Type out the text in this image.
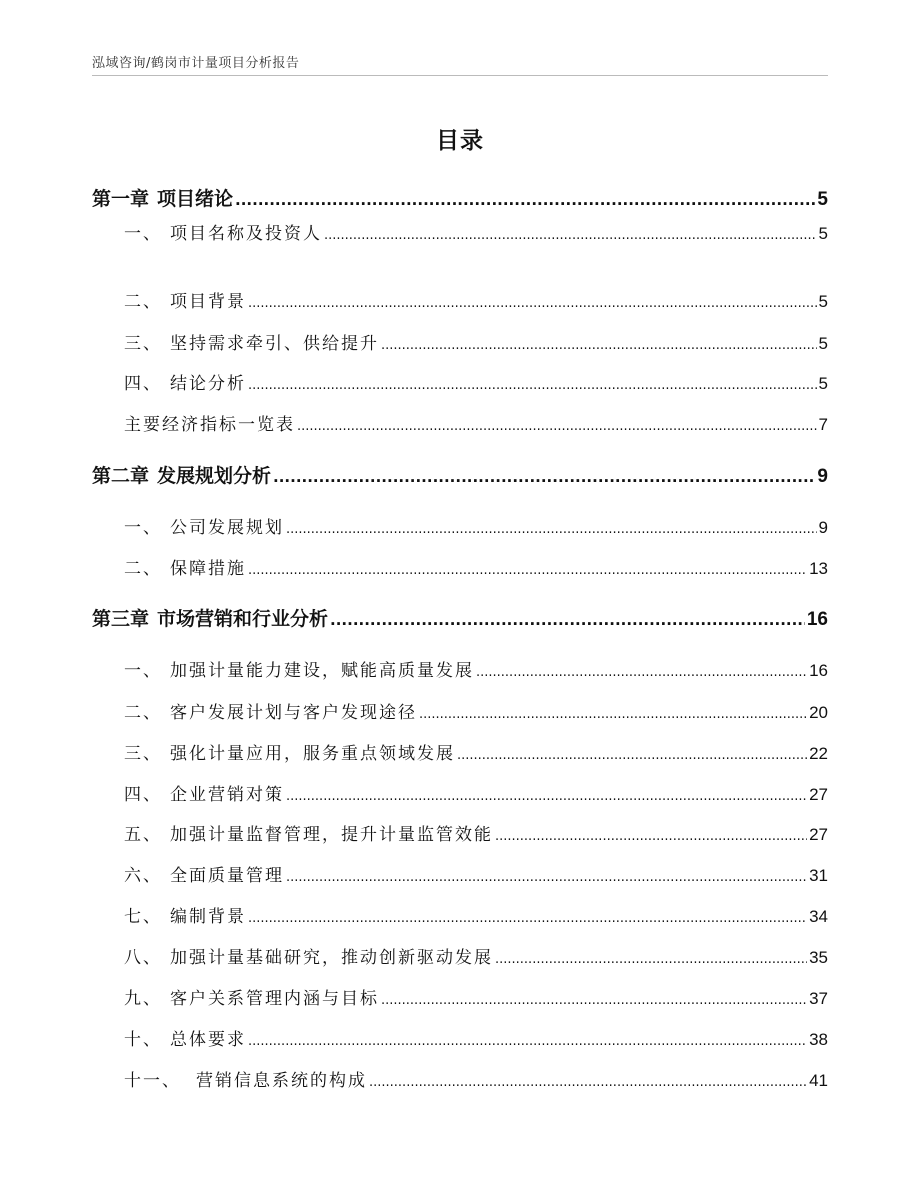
泓域咨询/鹤岗市计量项目分析报告
目录
第一章 项目绪论 .....	5
一、 项目名称及投资人 .....	5
二、 项目背景 .....	5
三、 坚持需求牵引、供给提升 .....	5
四、 结论分析 .....	5
主要经济指标一览表 .....	7
第二章 发展规划分析 .....	9
一、 公司发展规划 .....	9
二、 保障措施 .....	13
第三章 市场营销和行业分析 .....	16
一、 加强计量能力建设，赋能高质量发展 .....	16
二、 客户发展计划与客户发现途径 .....	20
三、 强化计量应用，服务重点领域发展 .....	22
四、 企业营销对策 .....	27
五、 加强计量监督管理，提升计量监管效能 .....	27
六、 全面质量管理 .....	31
七、 编制背景 .....	34
八、 加强计量基础研究，推动创新驱动发展 .....	35
九、 客户关系管理内涵与目标 .....	37
十、 总体要求 .....	38
十一、 营销信息系统的构成 .....	41
